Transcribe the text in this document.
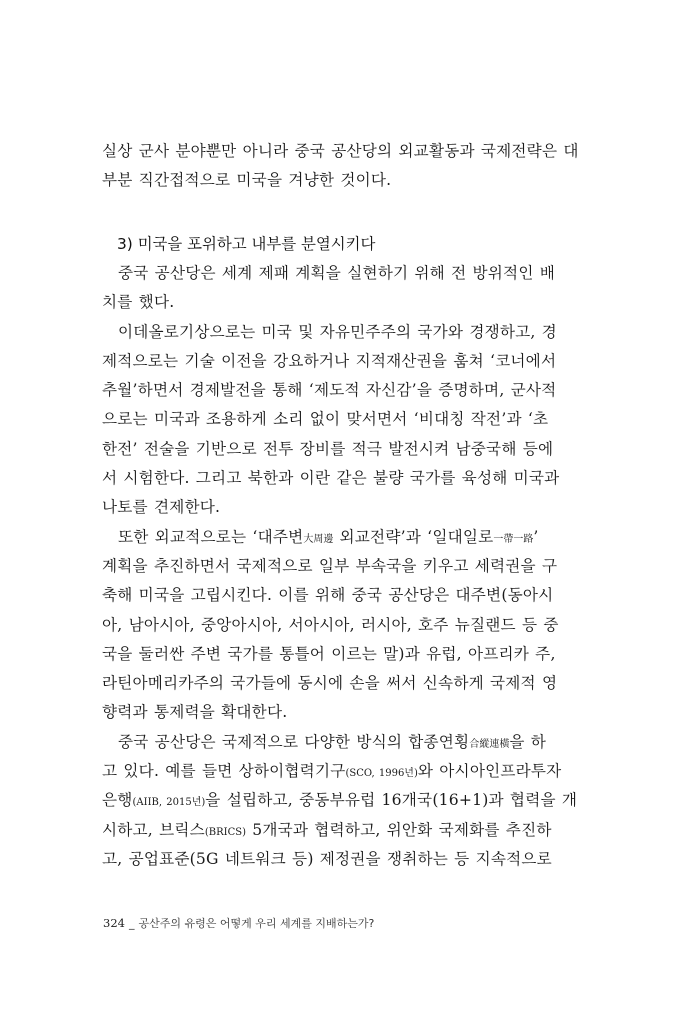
실상 군사 분야뿐만 아니라 중국 공산당의 외교활동과 국제전략은 대
부분 직간접적으로 미국을 겨냥한 것이다.
3) 미국을 포위하고 내부를 분열시키다
중국 공산당은 세계 제패 계획을 실현하기 위해 전 방위적인 배
치를 했다.
이데올로기상으로는 미국 및 자유민주주의 국가와 경쟁하고, 경
제적으로는 기술 이전을 강요하거나 지적재산권을 훔쳐 ‘코너에서
추월’하면서 경제발전을 통해 ‘제도적 자신감’을 증명하며, 군사적
으로는 미국과 조용하게 소리 없이 맞서면서 ‘비대칭 작전’과 ‘초
한전’ 전술을 기반으로 전투 장비를 적극 발전시켜 남중국해 등에
서 시험한다. 그리고 북한과 이란 같은 불량 국가를 육성해 미국과
나토를 견제한다.
또한 외교적으로는 ‘대주변大周邊 외교전략’과 ‘일대일로一帶一路’
계획을 추진하면서 국제적으로 일부 부속국을 키우고 세력권을 구
축해 미국을 고립시킨다. 이를 위해 중국 공산당은 대주변(동아시
아, 남아시아, 중앙아시아, 서아시아, 러시아, 호주 뉴질랜드 등 중
국을 둘러싼 주변 국가를 통틀어 이르는 말)과 유럽, 아프리카 주,
라틴아메리카주의 국가들에 동시에 손을 써서 신속하게 국제적 영
향력과 통제력을 확대한다.
중국 공산당은 국제적으로 다양한 방식의 합종연횡合縱連橫을 하
고 있다. 예를 들면 상하이협력기구(SCO, 1996년)와 아시아인프라투자
은행(AIIB, 2015년)을 설립하고, 중동부유럽 16개국(16+1)과 협력을 개
시하고, 브릭스(BRICS) 5개국과 협력하고, 위안화 국제화를 추진하
고, 공업표준(5G 네트워크 등) 제정권을 쟁취하는 등 지속적으로
324 _ 공산주의 유령은 어떻게 우리 세계를 지배하는가?
